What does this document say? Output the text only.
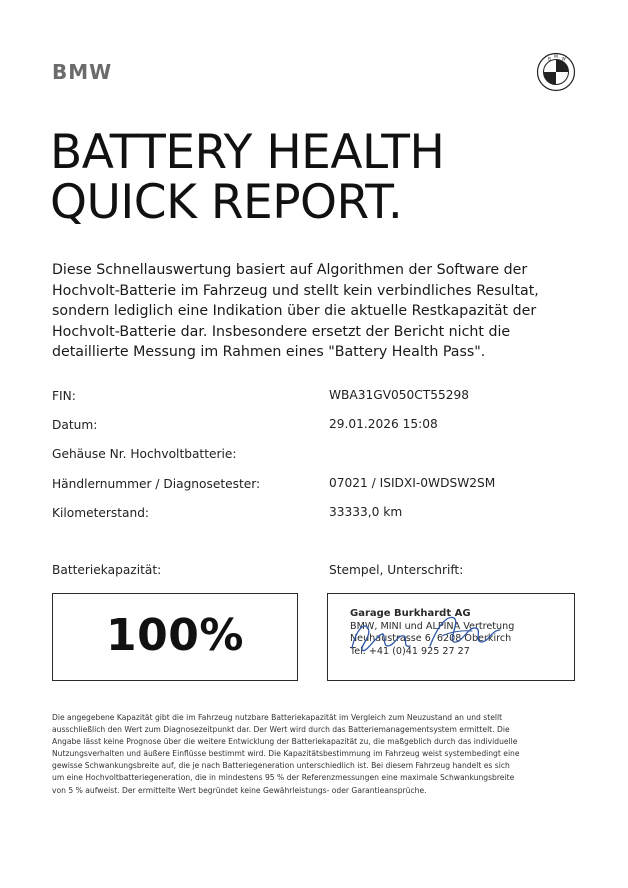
BMW
B M W
BATTERY HEALTH
QUICK REPORT.

Diese Schnellauswertung basiert auf Algorithmen der Software der
Hochvolt-Batterie im Fahrzeug und stellt kein verbindliches Resultat,
sondern lediglich eine Indikation über die aktuelle Restkapazität der
Hochvolt-Batterie dar. Insbesondere ersetzt der Bericht nicht die
detaillierte Messung im Rahmen eines "Battery Health Pass".

FIN:	WBA31GV050CT55298
Datum:	29.01.2026 15:08
Gehäuse Nr. Hochvoltbatterie:
Händlernummer / Diagnosetester:	07021 / ISIDXI-0WDSW2SM
Kilometerstand:	33333,0 km
Batteriekapazität:	Stempel, Unterschrift:
100%	Garage Burkhardt AG
BMW, MINI und ALPINA Vertretung
Neuhaustrasse 6, 6208 Oberkirch
Tel. +41 (0)41 925 27 27

Die angegebene Kapazität gibt die im Fahrzeug nutzbare Batteriekapazität im Vergleich zum Neuzustand an und stellt
ausschließlich den Wert zum Diagnosezeitpunkt dar. Der Wert wird durch das Batteriemanagementsystem ermittelt. Die
Angabe lässt keine Prognose über die weitere Entwicklung der Batteriekapazität zu, die maßgeblich durch das individuelle
Nutzungsverhalten und äußere Einflüsse bestimmt wird. Die Kapazitätsbestimmung im Fahrzeug weist systembedingt eine
gewisse Schwankungsbreite auf, die je nach Batteriegeneration unterschiedlich ist. Bei diesem Fahrzeug handelt es sich
um eine Hochvoltbatteriegeneration, die in mindestens 95 % der Referenzmessungen eine maximale Schwankungsbreite
von 5 % aufweist. Der ermittelte Wert begründet keine Gewährleistungs- oder Garantieansprüche.
